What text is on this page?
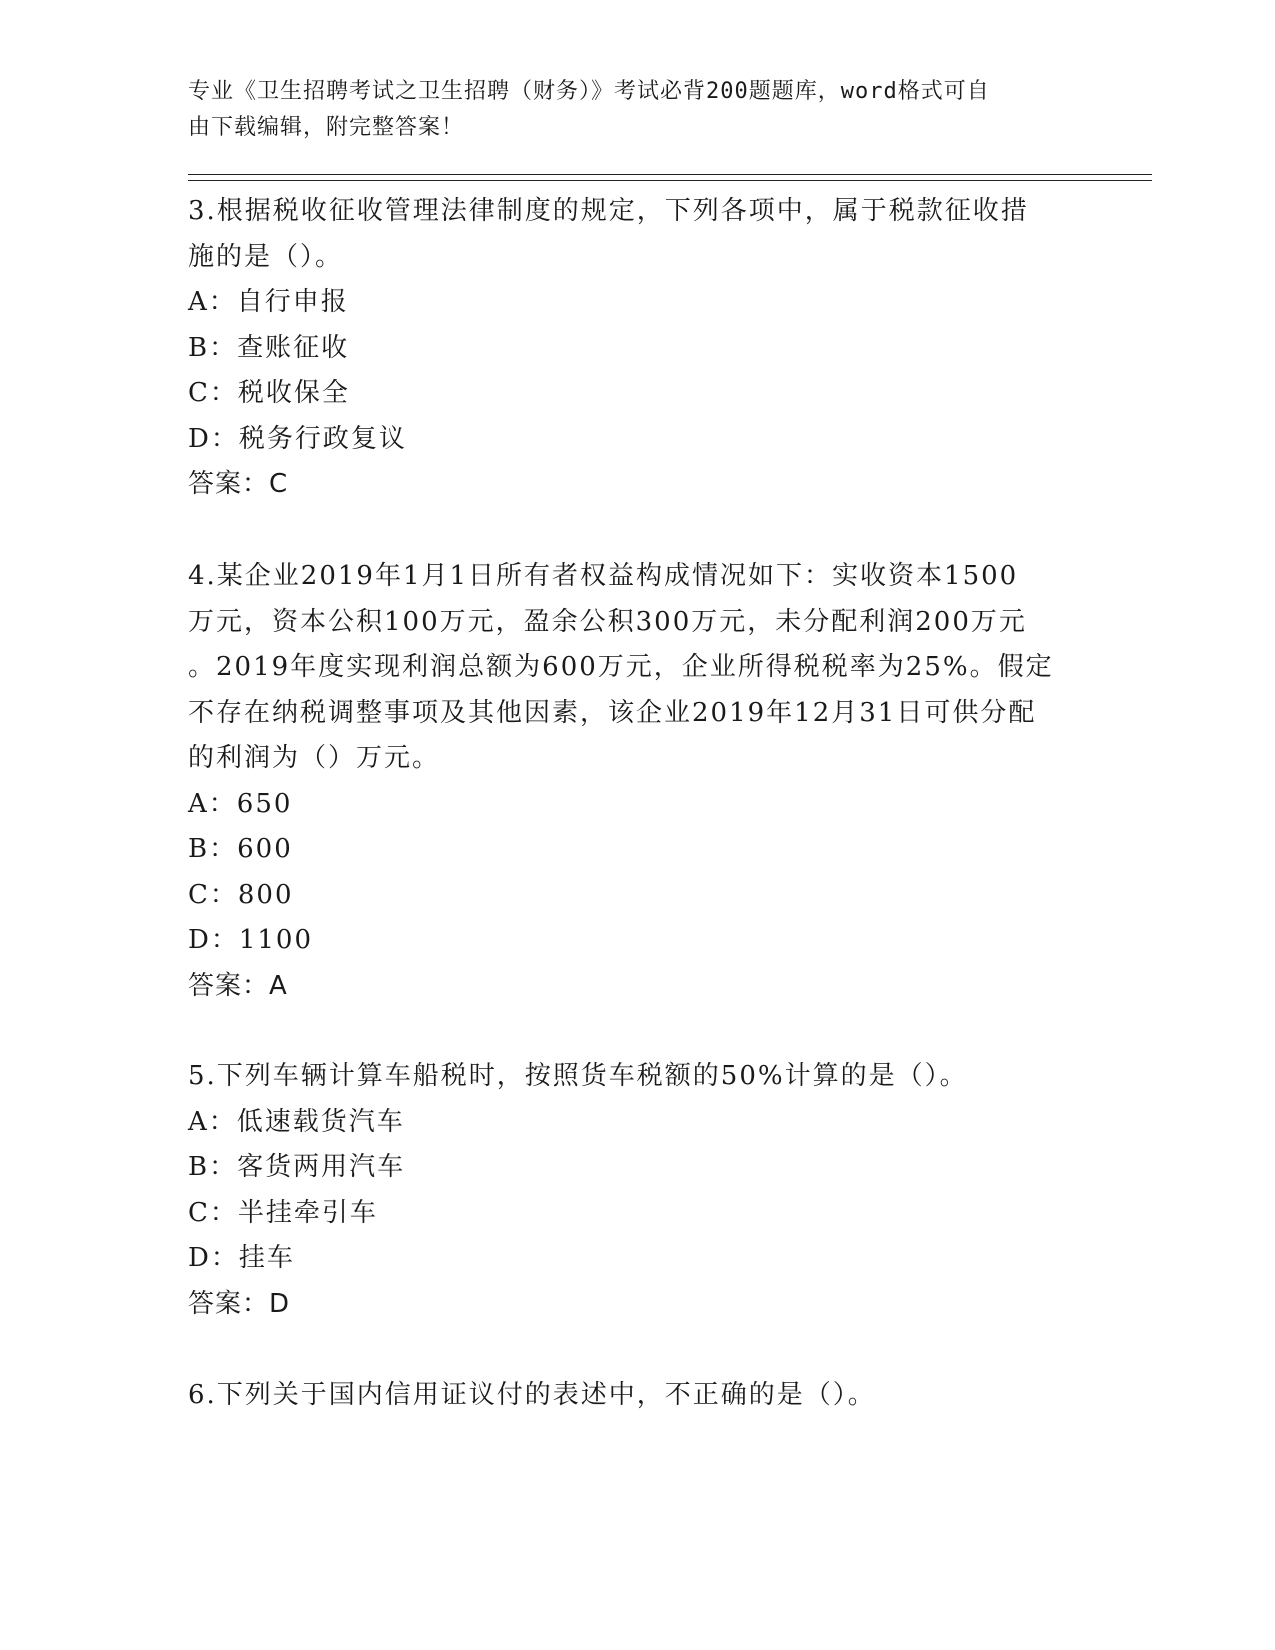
专业《卫生招聘考试之卫生招聘（财务）》考试必背200题题库，word格式可自
由下载编辑，附完整答案！
3.根据税收征收管理法律制度的规定，下列各项中，属于税款征收措
施的是（）。
A：自行申报
B：查账征收
C：税收保全
D：税务行政复议
答案：C
4.某企业2019年1月1日所有者权益构成情况如下：实收资本1500
万元，资本公积100万元，盈余公积300万元，未分配利润200万元
。2019年度实现利润总额为600万元，企业所得税税率为25%。假定
不存在纳税调整事项及其他因素，该企业2019年12月31日可供分配
的利润为（）万元。
A：650
B：600
C：800
D：1100
答案：A
5.下列车辆计算车船税时，按照货车税额的50%计算的是（）。
A：低速载货汽车
B：客货两用汽车
C：半挂牵引车
D：挂车
答案：D
6.下列关于国内信用证议付的表述中，不正确的是（）。
